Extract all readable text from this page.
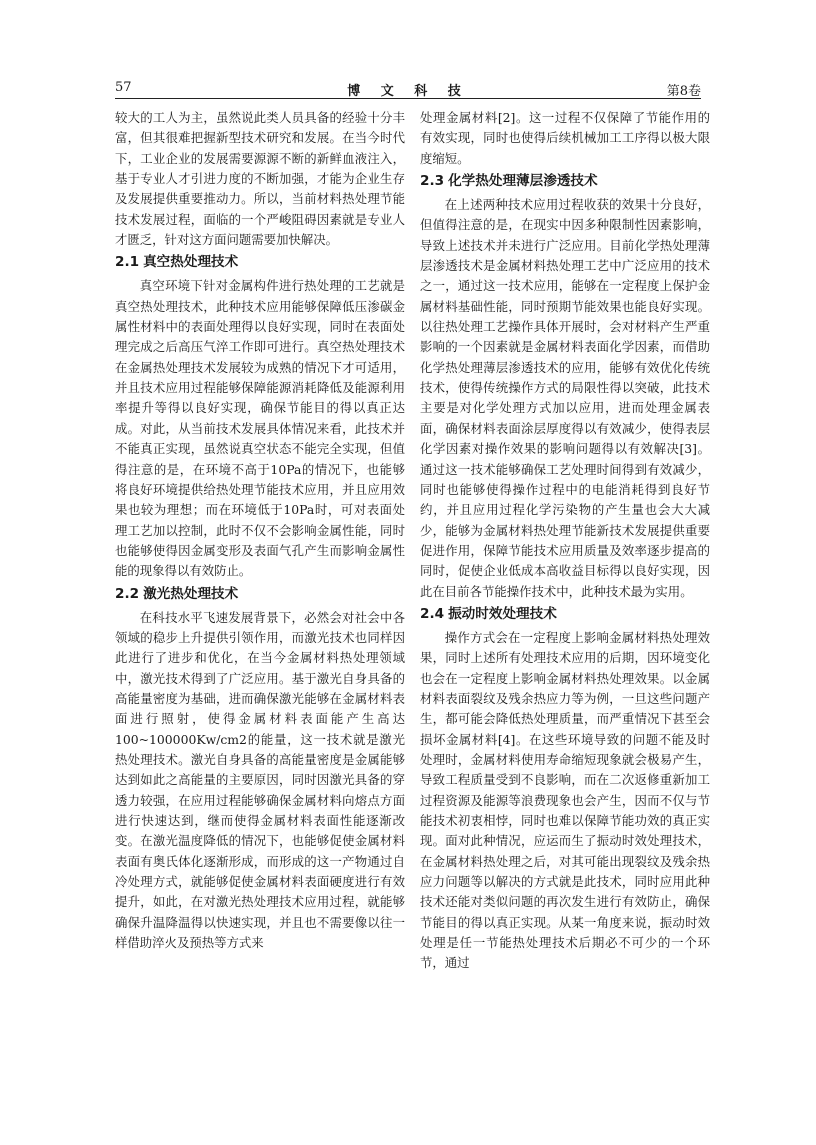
57	博 文 科 技	第8卷

较大的工人为主，虽然说此类人员具备的经验十分丰富，但其很难把握新型技术研究和发展。在当今时代下，工业企业的发展需要源源不断的新鲜血液注入，基于专业人才引进力度的不断加强，才能为企业生存及发展提供重要推动力。所以，当前材料热处理节能技术发展过程，面临的一个严峻阻碍因素就是专业人才匮乏，针对这方面问题需要加快解决。

2.1 真空热处理技术

真空环境下针对金属构件进行热处理的工艺就是真空热处理技术，此种技术应用能够保障低压渗碳金属性材料中的表面处理得以良好实现，同时在表面处理完成之后高压气淬工作即可进行。真空热处理技术在金属热处理技术发展较为成熟的情况下才可适用，并且技术应用过程能够保障能源消耗降低及能源利用率提升等得以良好实现，确保节能目的得以真正达成。对此，从当前技术发展具体情况来看，此技术并不能真正实现，虽然说真空状态不能完全实现，但值得注意的是，在环境不高于10Pa的情况下，也能够将良好环境提供给热处理节能技术应用，并且应用效果也较为理想；而在环境低于10Pa时，可对表面处理工艺加以控制，此时不仅不会影响金属性能，同时也能够使得因金属变形及表面气孔产生而影响金属性能的现象得以有效防止。

2.2 激光热处理技术

在科技水平飞速发展背景下，必然会对社会中各领域的稳步上升提供引领作用，而激光技术也同样因此进行了进步和优化，在当今金属材料热处理领域中，激光技术得到了广泛应用。基于激光自身具备的高能量密度为基础，进而确保激光能够在金属材料表面进行照射，使得金属材料表面能产生高达100~100000Kw/cm2的能量，这一技术就是激光热处理技术。激光自身具备的高能量密度是金属能够达到如此之高能量的主要原因，同时因激光具备的穿透力较强，在应用过程能够确保金属材料向熔点方面进行快速达到，继而使得金属材料表面性能逐渐改变。在激光温度降低的情况下，也能够促使金属材料表面有奥氏体化逐渐形成，而形成的这一产物通过自冷处理方式，就能够促使金属材料表面硬度进行有效提升，如此，在对激光热处理技术应用过程，就能够确保升温降温得以快速实现，并且也不需要像以往一样借助淬火及预热等方式来

处理金属材料[2]。这一过程不仅保障了节能作用的有效实现，同时也使得后续机械加工工序得以极大限度缩短。

2.3 化学热处理薄层渗透技术

在上述两种技术应用过程收获的效果十分良好，但值得注意的是，在现实中因多种限制性因素影响，导致上述技术并未进行广泛应用。目前化学热处理薄层渗透技术是金属材料热处理工艺中广泛应用的技术之一，通过这一技术应用，能够在一定程度上保护金属材料基础性能，同时预期节能效果也能良好实现。以往热处理工艺操作具体开展时，会对材料产生严重影响的一个因素就是金属材料表面化学因素，而借助化学热处理薄层渗透技术的应用，能够有效优化传统技术，使得传统操作方式的局限性得以突破，此技术主要是对化学处理方式加以应用，进而处理金属表面，确保材料表面涂层厚度得以有效减少，使得表层化学因素对操作效果的影响问题得以有效解决[3]。通过这一技术能够确保工艺处理时间得到有效减少，同时也能够使得操作过程中的电能消耗得到良好节约，并且应用过程化学污染物的产生量也会大大减少，能够为金属材料热处理节能新技术发展提供重要促进作用，保障节能技术应用质量及效率逐步提高的同时，促使企业低成本高收益目标得以良好实现，因此在目前各节能操作技术中，此种技术最为实用。

2.4 振动时效处理技术

操作方式会在一定程度上影响金属材料热处理效果，同时上述所有处理技术应用的后期，因环境变化也会在一定程度上影响金属材料热处理效果。以金属材料表面裂纹及残余热应力等为例，一旦这些问题产生，都可能会降低热处理质量，而严重情况下甚至会损坏金属材料[4]。在这些环境导致的问题不能及时处理时，金属材料使用寿命缩短现象就会极易产生，导致工程质量受到不良影响，而在二次返修重新加工过程资源及能源等浪费现象也会产生，因而不仅与节能技术初衷相悖，同时也难以保障节能功效的真正实现。面对此种情况，应运而生了振动时效处理技术，在金属材料热处理之后，对其可能出现裂纹及残余热应力问题等以解决的方式就是此技术，同时应用此种技术还能对类似问题的再次发生进行有效防止，确保节能目的得以真正实现。从某一角度来说，振动时效处理是任一节能热处理技术后期必不可少的一个环节，通过
